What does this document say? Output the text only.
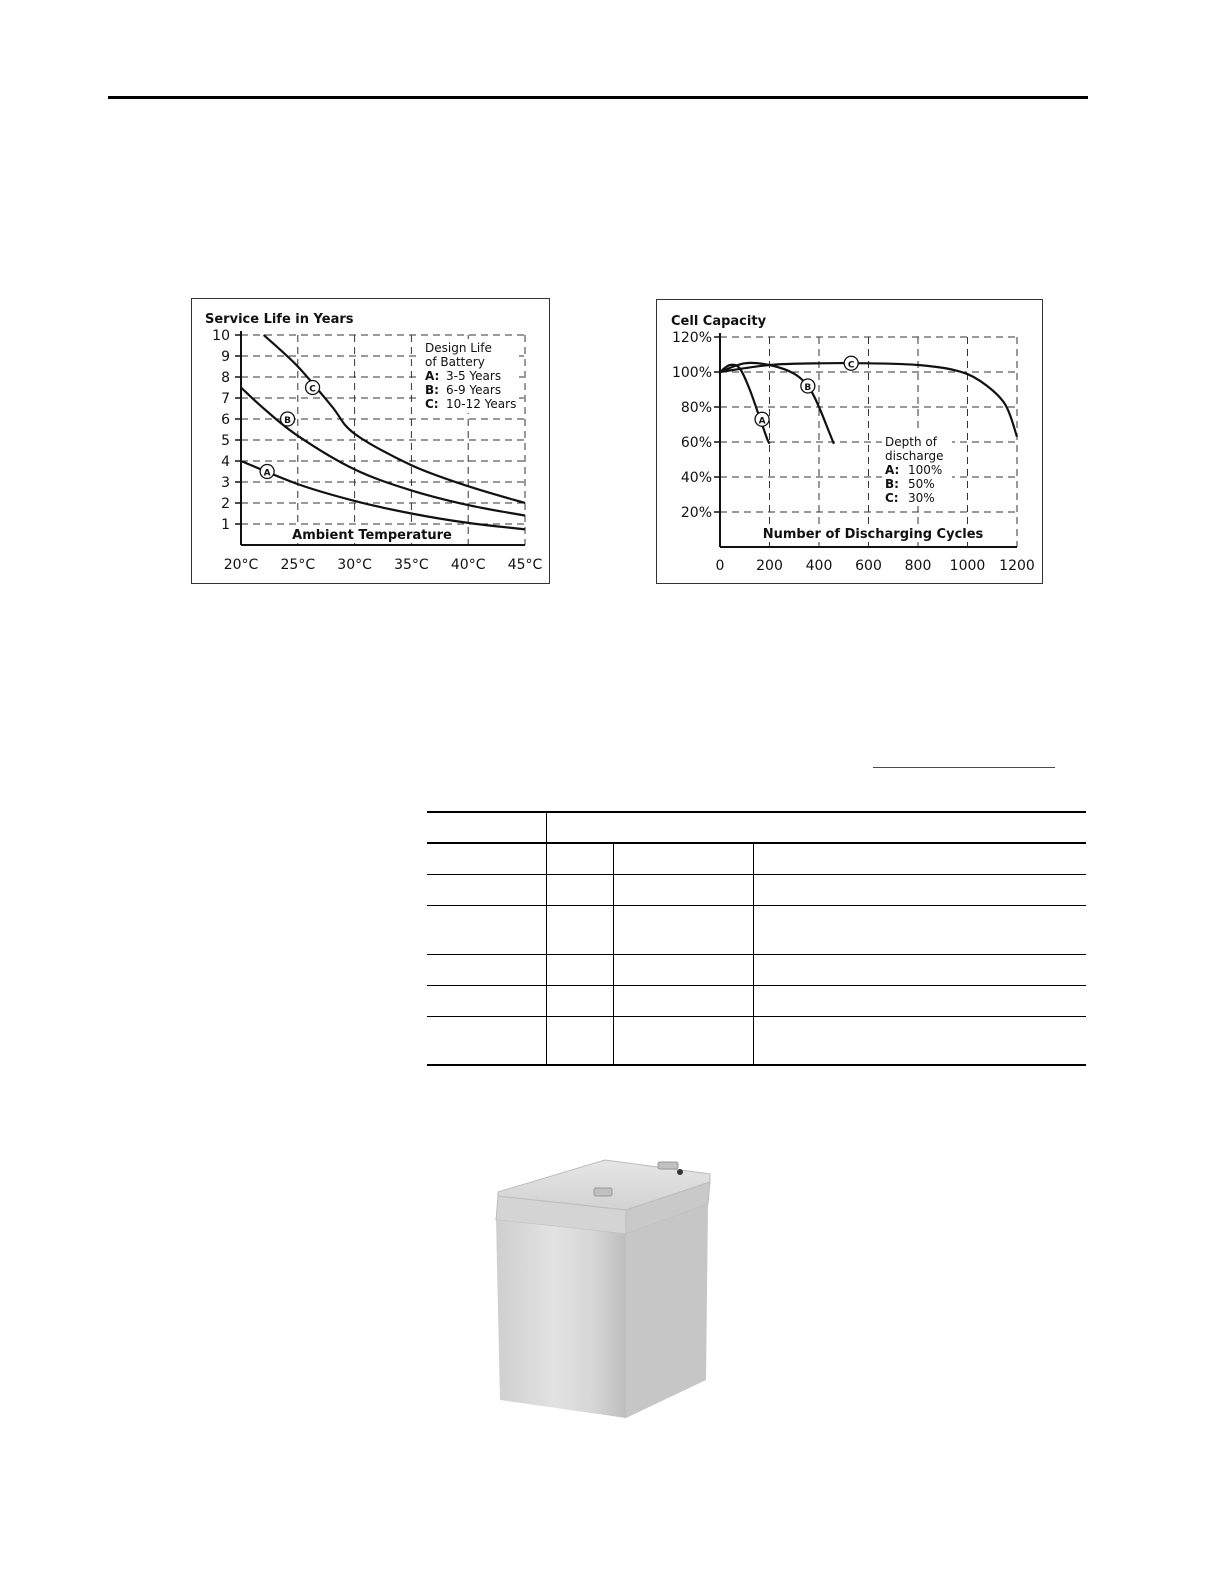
Service Life in Years
1
2
3
4
5
6
7
8
9
10
20°C 25°C 30°C 35°C 40°C 45°C
Design Life
of Battery
A: 3-5 Years
B: 6-9 Years
C: 10-12 Years
A
B
C
Ambient Temperature
Cell Capacity
20%
40%
60%
80%
100%
120%
0 200 400 600 800 1000 1200
A
B
C
Depth of
discharge
A: 100%
B: 50%
C: 30%
Number of Discharging Cycles
